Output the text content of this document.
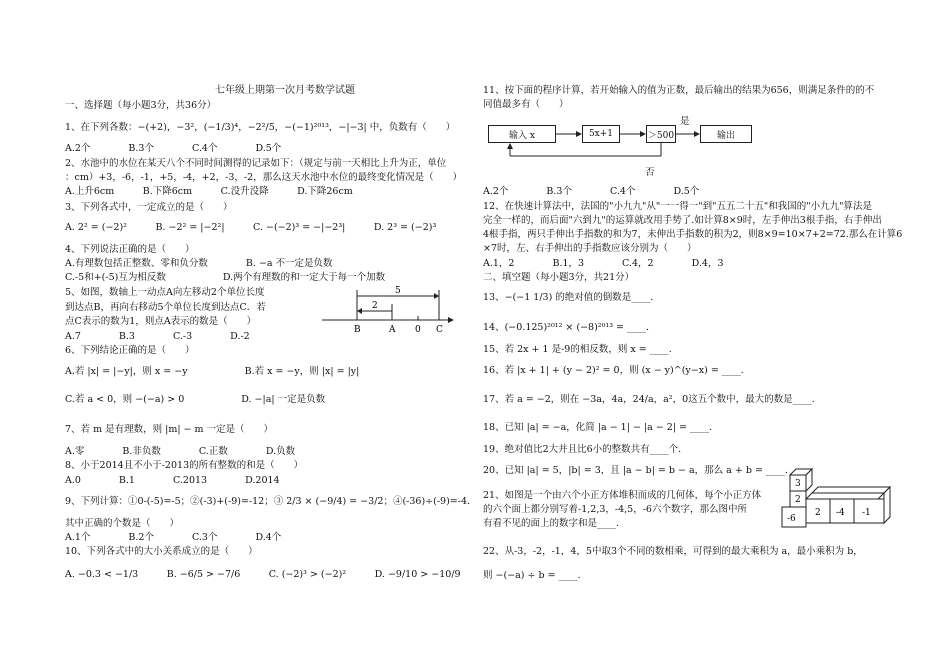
七年级上期第一次月考数学试题
一、选择题（每小题3分，共36分）
1、在下列各数：−(+2)，−3²，(−1/3)⁴，−2²/5，−(−1)²⁰¹³，−|−3| 中，负数有（　　）
A.2个　　　　B.3个　　　　C.4个　　　　D.5个
2、水池中的水位在某天八个不同时间测得的记录如下：（规定与前一天相比上升为正，单位
：cm）+3，-6，-1，+5，-4，+2，-3，-2，那么这天水池中水位的最终变化情况是（　　）
A.上升6cm　　　B.下降6cm　　　C.没升没降　　　D.下降26cm
3、下列各式中，一定成立的是（　　）
A. 2² = (−2)²　　　B. −2² = |−2²|　　　C. −(−2)³ = −|−2³|　　　D. 2³ = (−2)³
4、下列说法正确的是（　　）
A.有理数包括正整数、零和负分数　　　　B. −a 不一定是负数
C.-5和+(-5)互为相反数　　　　　　D.两个有理数的和一定大于每一个加数
5、如图，数轴上一动点A向左移动2个单位长度
到达点B，再向右移动5个单位长度到达点C．若
点C表示的数为1，则点A表示的数是（　　）
A.7　　　　B.3　　　　C.-3　　　　D.-2
6、下列结论正确的是（　　）
A.若 |x| = |−y|，则 x = −y　　　　　　B.若 x = −y，则 |x| = |y|
C.若 a < 0，则 −(−a) > 0　　　　　　D. −|a| 一定是负数
7、若 m 是有理数，则 |m| − m 一定是（　　）
A.零　　　　B.非负数　　　　C.正数　　　　D.负数
8、小于2014且不小于-2013的所有整数的和是（　　）
A.0　　　　B.1　　　　C.2013　　　　D.2014
9、下列计算：①0-(-5)=-5；②(-3)+(-9)=-12；③ 2/3 × (−9/4) = −3/2；④(-36)÷(-9)=-4.
其中正确的个数是（　　）
A.1个　　　　B.2个　　　　C.3个　　　　D.4个
10、下列各式中的大小关系成立的是（　　）
A. −0.3 < −1/3　　　B. −6/5 > −7/6　　　C. (−2)³ > (−2)²　　　D. −9/10 > −10/9
5
2
B	A 0 C
11、按下面的程序计算，若开始输入的值为正数，最后输出的结果为656，则满足条件的的不
同值最多有（　　）
输入 x	5x+1	＞500
是
输出
否
A.2个　　　　B.3个　　　　C.4个　　　　D.5个
12、在快速计算法中，法国的"小九九"从"一一得一"到"五五二十五"和我国的"小九九"算法是
完全一样的，而后面"六到九"的运算就改用手势了.如计算8×9时，左手伸出3根手指，右手伸出
4根手指，两只手伸出手指数的和为7，未伸出手指数的积为2，则8×9=10×7+2=72.那么在计算6
×7时，左、右手伸出的手指数应该分别为（　　）
A.1，2　　　　B.1，3　　　　C.4，2　　　　D.4，3
二、填空题（每小题3分，共21分）
13、−(−1 1/3) 的绝对值的倒数是____.
14、(−0.125)²⁰¹² × (−8)²⁰¹³ = ____.
15、若 2x + 1 是-9的相反数，则 x = ____.
16、若 |x + 1| + (y − 2)² = 0，则 (x − y)^(y−x) = ____.
17、若 a = −2，则在 −3a，4a，24/a，a²，0这五个数中，最大的数是____.
18、已知 |a| = −a，化简 |a − 1| − |a − 2| = ____.
19、绝对值比2大并且比6小的整数共有____个.
20、已知 |a| = 5，|b| = 3，且 |a − b| = b − a，那么 a + b = ____.
21、如图是一个由六个小正方体堆积而成的几何体，每个小正方体
的六个面上都分别写着-1,2,3，-4,5，-6六个数字，那么图中所
有看不见的面上的数字和是____.
22、从-3，-2，-1，4，5中取3个不同的数相乘，可得到的最大乘积为 a，最小乘积为 b，
则 −(−a) ÷ b = ____.
3
2
-6
2 -4 -1
